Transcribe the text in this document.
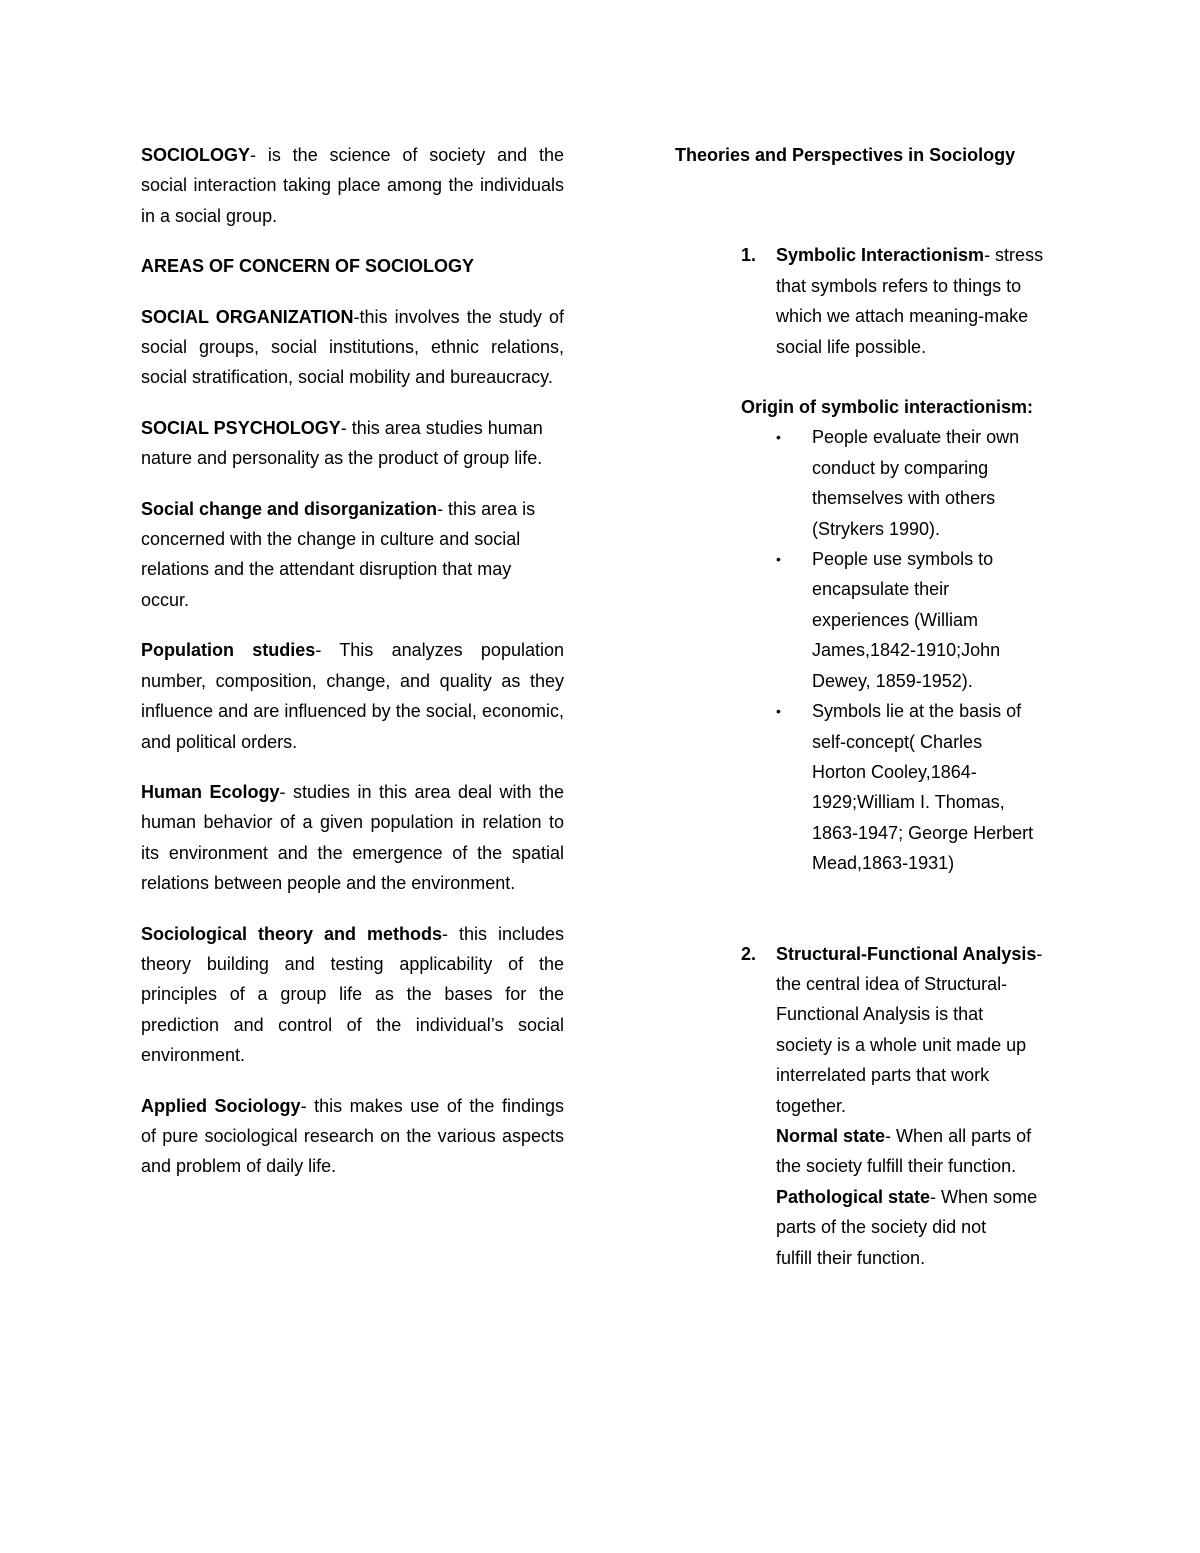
SOCIOLOGY- is the science of society and the social interaction taking place among the individuals in a social group.

AREAS OF CONCERN OF SOCIOLOGY

SOCIAL ORGANIZATION-this involves the study of social groups, social institutions, ethnic relations, social stratification, social mobility and bureaucracy.

SOCIAL PSYCHOLOGY- this area studies human nature and personality as the product of group life.

Social change and disorganization- this area is concerned with the change in culture and social relations and the attendant disruption that may occur.

Population studies- This analyzes population number, composition, change, and quality as they influence and are influenced by the social, economic, and political orders.

Human Ecology- studies in this area deal with the human behavior of a given population in relation to its environment and the emergence of the spatial relations between people and the environment.

Sociological theory and methods- this includes theory building and testing applicability of the principles of a group life as the bases for the prediction and control of the individual’s social environment.

Applied Sociology- this makes use of the findings of pure sociological research on the various aspects and problem of daily life.

Theories and Perspectives in Sociology

1. Symbolic Interactionism- stress
that symbols refers to things to
which we attach meaning-make
social life possible.
Origin of symbolic interactionism:
• People evaluate their own
conduct by comparing
themselves with others
(Strykers 1990).
• People use symbols to
encapsulate their
experiences (William
James,1842-1910;John
Dewey, 1859-1952).
• Symbols lie at the basis of
self-concept( Charles
Horton Cooley,1864-
1929;William I. Thomas,
1863-1947; George Herbert
Mead,1863-1931)
2. Structural-Functional Analysis-
the central idea of Structural-
Functional Analysis is that
society is a whole unit made up
interrelated parts that work
together.
Normal state- When all parts of
the society fulfill their function.
Pathological state- When some
parts of the society did not
fulfill their function.
